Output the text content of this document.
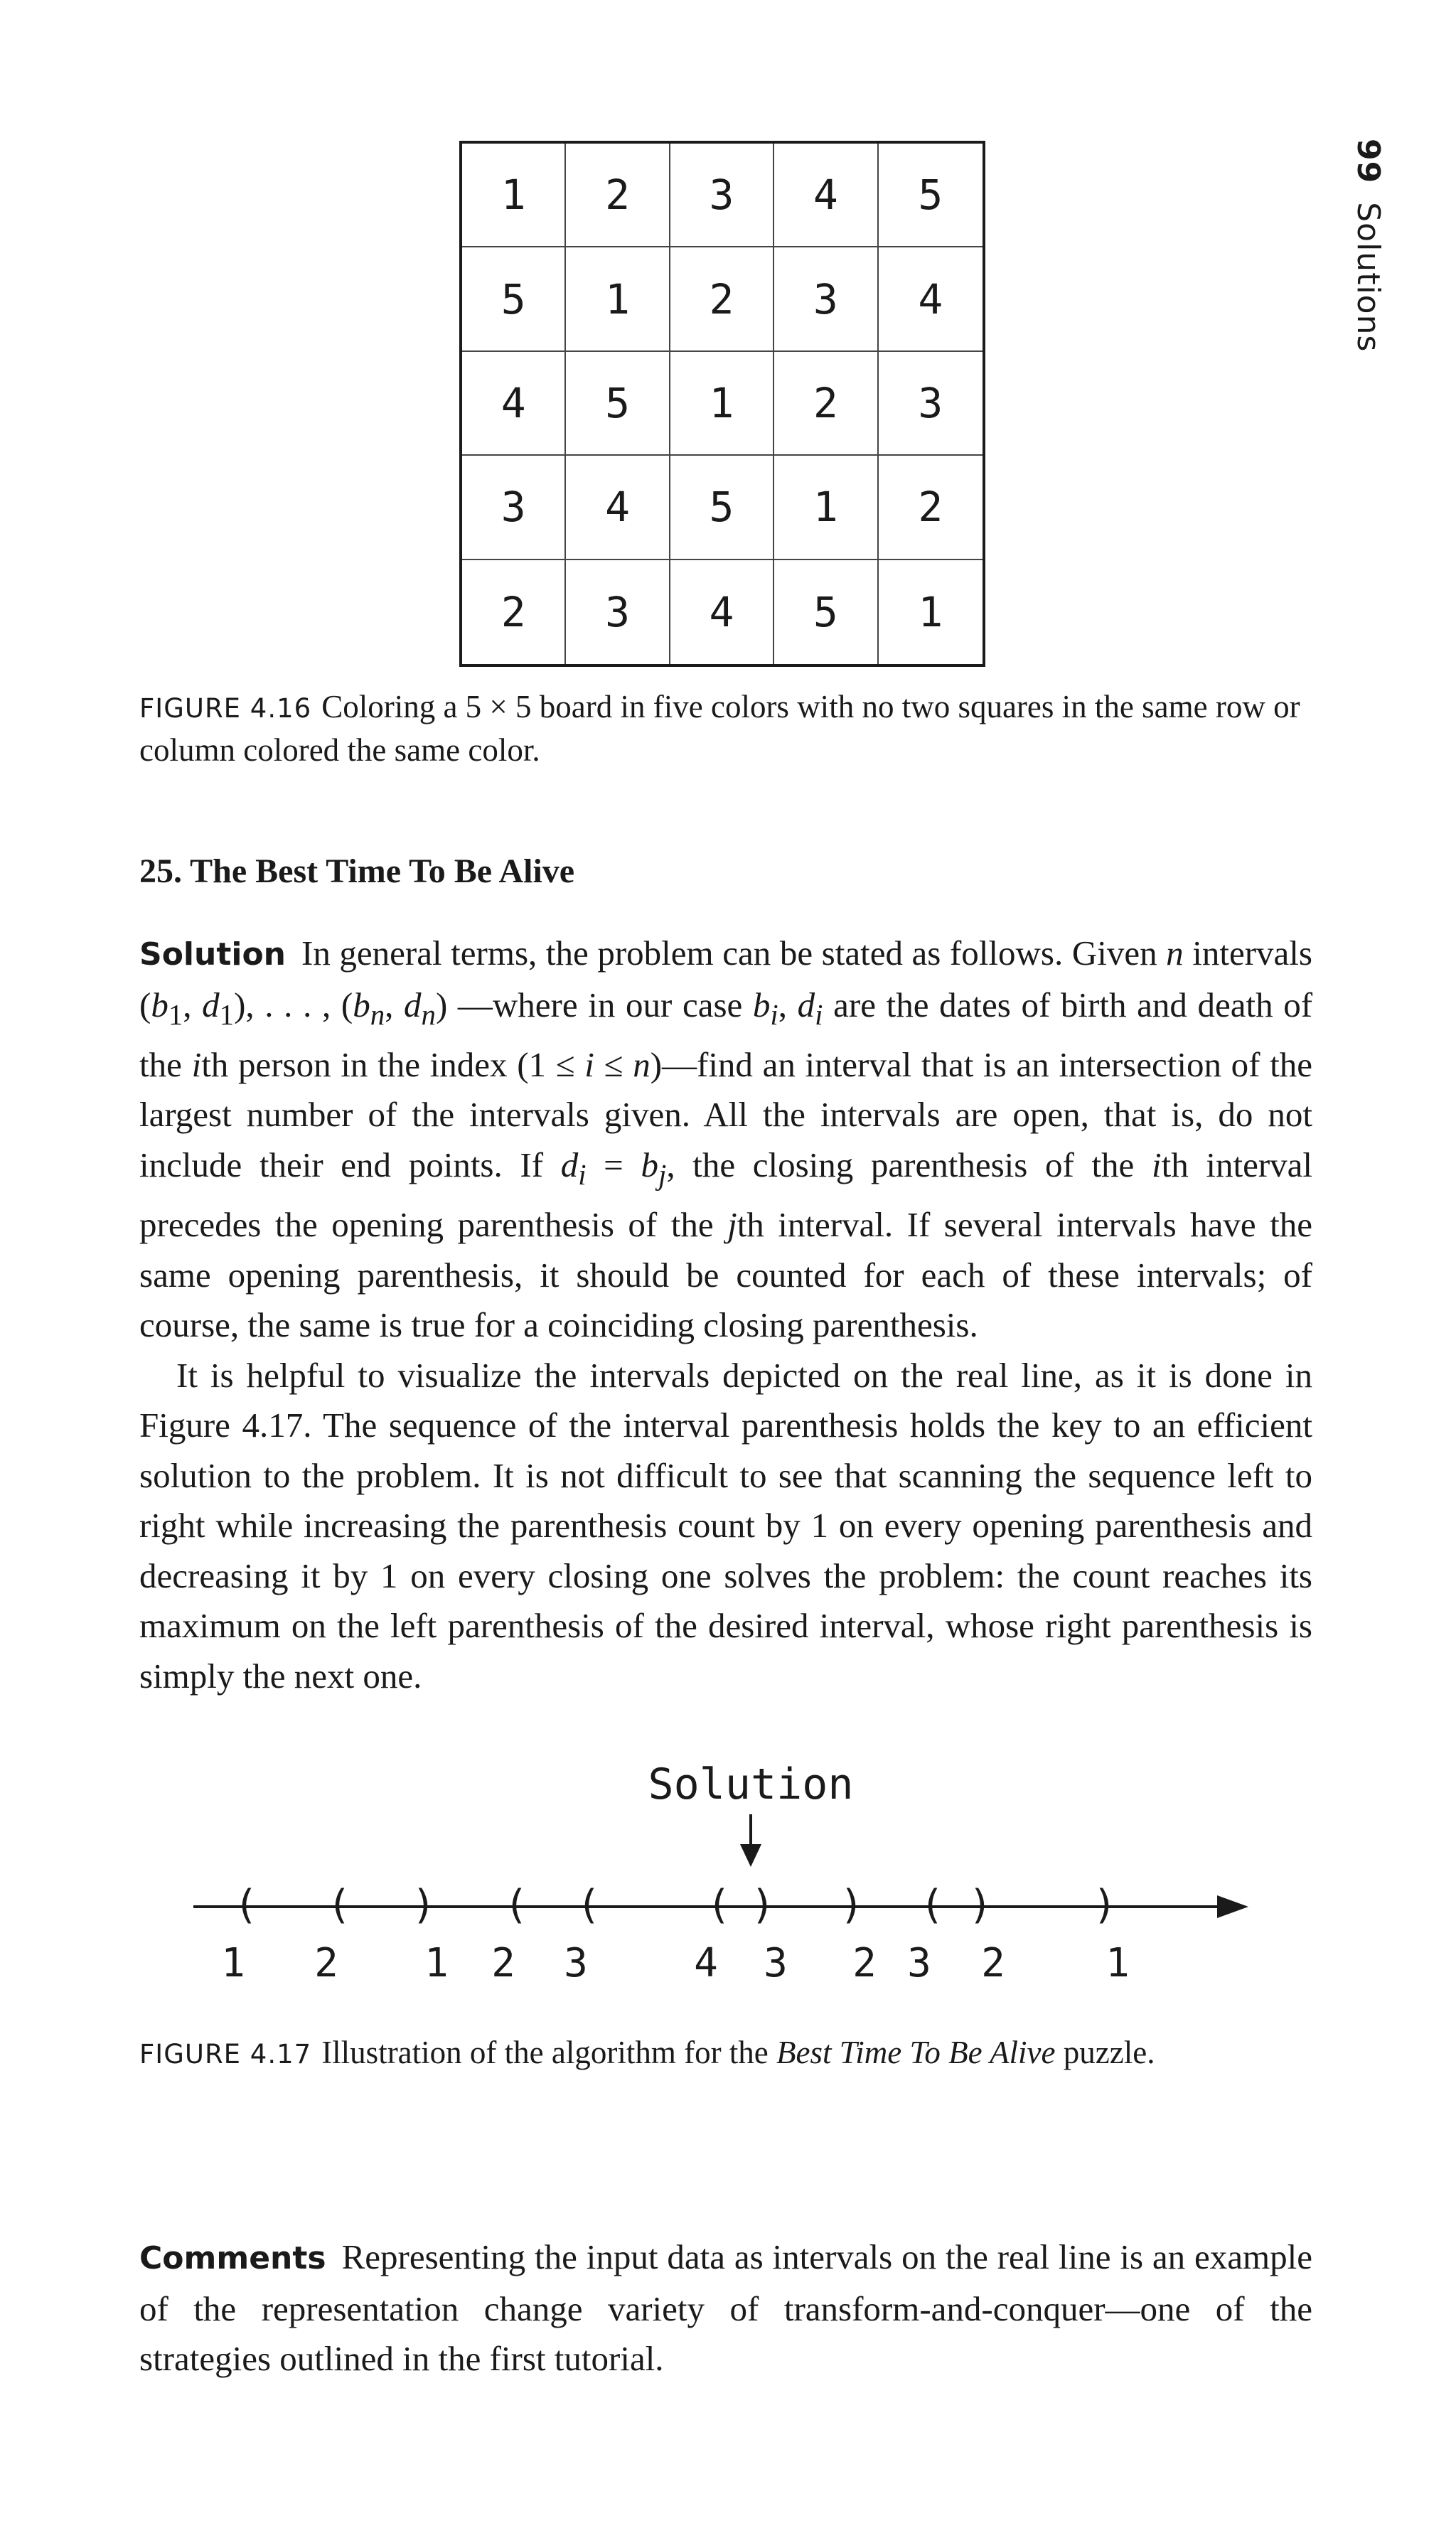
99Solutions
1	2	3	4	5
5	1	2	3	4
4	5	1	2	3
3	4	5	1	2
2	3	4	5	1
FIGURE 4.16 Coloring a 5 × 5 board in five colors with no two squares in the same row or column colored the same color.
25. The Best Time To Be Alive

Solution In general terms, the problem can be stated as follows. Given n intervals ($b_1$, $d_1$), . . . , ($b_n$, $d_n$) —where in our case $b_i$, $d_i$ are the dates of birth and death of the ith person in the index (1 ≤ i ≤ n)—find an interval that is an intersection of the largest number of the intervals given. All the intervals are open, that is, do not include their end points. If $d_i = b_j$, the closing parenthesis of the ith interval precedes the opening parenthesis of the jth interval. If several intervals have the same opening parenthesis, it should be counted for each of these intervals; of course, the same is true for a coinciding closing parenthesis.

It is helpful to visualize the intervals depicted on the real line, as it is done in Figure 4.17. The sequence of the interval parenthesis holds the key to an efficient solution to the problem. It is not difficult to see that scanning the sequence left to right while increasing the parenthesis count by 1 on every opening parenthesis and decreasing it by 1 on every closing one solves the problem: the count reaches its maximum on the left parenthesis of the desired interval, whose right parenthesis is simply the next one.

Solution
(
1
(
2
)
1
(
2
(
3
(
4
)
3
)
2
(
3
)
2
)
1
FIGURE 4.17 Illustration of the algorithm for the Best Time To Be Alive puzzle.

Comments Representing the input data as intervals on the real line is an example of the representation change variety of transform-and-conquer—one of the strategies outlined in the first tutorial.
